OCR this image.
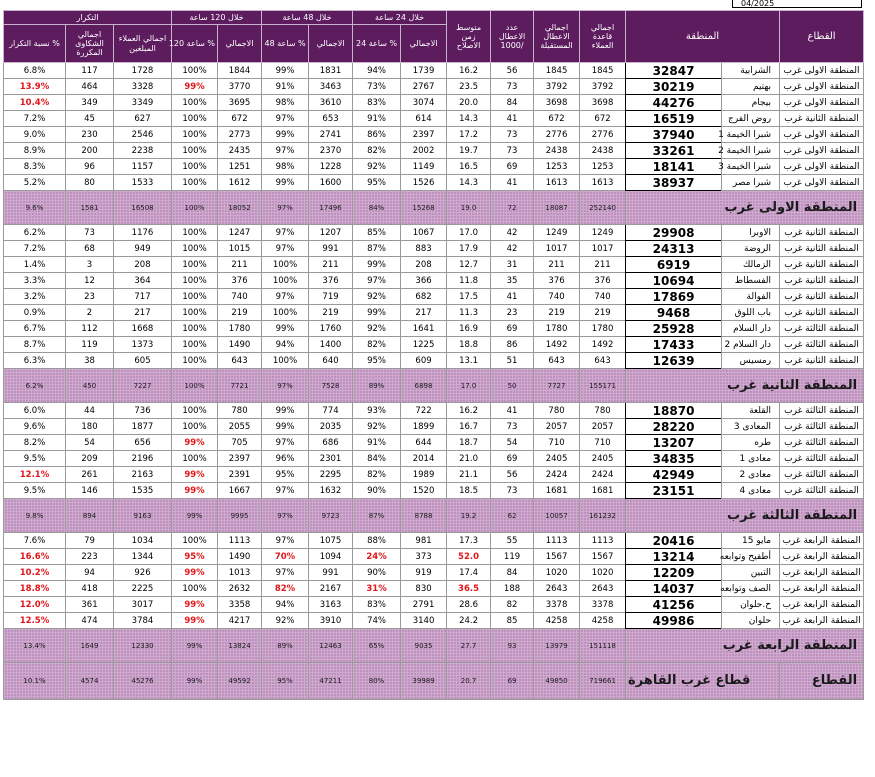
04/2025
القطاع	المنطقة		اجمالي قاعدة العملاء	اجمالي الاعطال المستقبلة	عدد الاعطال /1000	متوسط زمن الاصلاح	خلال 24 ساعة		خلال 48 ساعة		خلال 120 ساعة		التكرار		
							الاجمالي	% ساعة 24	الاجمالي	% ساعة 48	الاجمالي	% ساعة 120	اجمالي العملاء المبلغين	اجمالي الشكاوى المكررة	% نسبة التكرار
المنطقة الاولى غرب	الشرابية	32847	1845	1845	56	16.2	1739	94%	1831	99%	1844	100%	1728	117	6.8%
المنطقة الاولى غرب	بهتيم	30219	3792	3792	73	23.5	2767	73%	3463	91%	3770	99%	3328	464	13.9%
المنطقة الاولى غرب	بيجام	44276	3698	3698	84	20.0	3074	83%	3610	98%	3695	100%	3349	349	10.4%
المنطقة الثانية غرب	روض الفرج	16519	672	672	41	14.3	614	91%	653	97%	672	100%	627	45	7.2%
المنطقة الاولى غرب	شبرا الخيمة 1	37940	2776	2776	73	17.2	2397	86%	2741	99%	2773	100%	2546	230	9.0%
المنطقة الاولى غرب	شبرا الخيمة 2	33261	2438	2438	73	19.7	2002	82%	2370	97%	2435	100%	2238	200	8.9%
المنطقة الاولى غرب	شبرا الخيمة 3	18141	1253	1253	69	16.5	1149	92%	1228	98%	1251	100%	1157	96	8.3%
المنطقة الاولى غرب	شبرا مصر	38937	1613	1613	41	14.3	1526	95%	1600	99%	1612	100%	1533	80	5.2%
المنطقة الاولى غرب			252140	18087	72	19.0	15268	84%	17496	97%	18052	100%	16508	1581	9.6%
المنطقة الثانية غرب	الاوبرا	29908	1249	1249	42	17.0	1067	85%	1207	97%	1247	100%	1176	73	6.2%
المنطقة الثانية غرب	الروضة	24313	1017	1017	42	17.9	883	87%	991	97%	1015	100%	949	68	7.2%
المنطقة الثانية غرب	الزمالك	6919	211	211	31	12.7	208	99%	211	100%	211	100%	208	3	1.4%
المنطقة الثانية غرب	الفسطاط	10694	376	376	35	11.8	366	97%	376	100%	376	100%	364	12	3.3%
المنطقة الثانية غرب	الفوالة	17869	740	740	41	17.5	682	92%	719	97%	740	100%	717	23	3.2%
المنطقة الثانية غرب	باب اللوق	9468	219	219	23	11.3	217	99%	219	100%	219	100%	217	2	0.9%
المنطقة الثالثة غرب	دار السلام	25928	1780	1780	69	16.9	1641	92%	1760	99%	1780	100%	1668	112	6.7%
المنطقة الثالثة غرب	دار السلام 2	17433	1492	1492	86	18.8	1225	82%	1400	94%	1490	100%	1373	119	8.7%
المنطقة الثانية غرب	رمسيس	12639	643	643	51	13.1	609	95%	640	100%	643	100%	605	38	6.3%
المنطقة الثانية غرب			155171	7727	50	17.0	6898	89%	7528	97%	7721	100%	7227	450	6.2%
المنطقة الثالثة غرب	القلعة	18870	780	780	41	16.2	722	93%	774	99%	780	100%	736	44	6.0%
المنطقة الثالثة غرب	المعادى 3	28220	2057	2057	73	16.7	1899	92%	2035	99%	2055	100%	1877	180	9.6%
المنطقة الثالثة غرب	طره	13207	710	710	54	18.7	644	91%	686	97%	705	99%	656	54	8.2%
المنطقة الثالثة غرب	معادى 1	34835	2405	2405	69	21.0	2014	84%	2301	96%	2397	100%	2196	209	9.5%
المنطقة الثالثة غرب	معادى 2	42949	2424	2424	56	21.1	1989	82%	2295	95%	2391	99%	2163	261	12.1%
المنطقة الثالثة غرب	معادى 4	23151	1681	1681	73	18.5	1520	90%	1632	97%	1667	99%	1535	146	9.5%
المنطقة الثالثة غرب			161232	10057	62	19.2	8788	87%	9723	97%	9995	99%	9163	894	9.8%
المنطقة الرابعة غرب	مايو 15	20416	1113	1113	55	17.3	981	88%	1075	97%	1113	100%	1034	79	7.6%
المنطقة الرابعة غرب	أطفيح وتوابعه	13214	1567	1567	119	52.0	373	24%	1094	70%	1490	95%	1344	223	16.6%
المنطقة الرابعة غرب	التبين	12209	1020	1020	84	17.4	919	90%	991	97%	1013	99%	926	94	10.2%
المنطقة الرابعة غرب	الصف وتوابعه	14037	2643	2643	188	36.5	830	31%	2167	82%	2632	100%	2225	418	18.8%
المنطقة الرابعة غرب	ح.حلوان	41256	3378	3378	82	28.6	2791	83%	3163	94%	3358	99%	3017	361	12.0%
المنطقة الرابعة غرب	حلوان	49986	4258	4258	85	24.2	3140	74%	3910	92%	4217	99%	3784	474	12.5%
المنطقة الرابعة غرب			151118	13979	93	27.7	9035	65%	12463	89%	13824	99%	12330	1649	13.4%
القطاع	قطاع غرب القاهرة		719661	49850	69	20.7	39989	80%	47211	95%	49592	99%	45276	4574	10.1%
